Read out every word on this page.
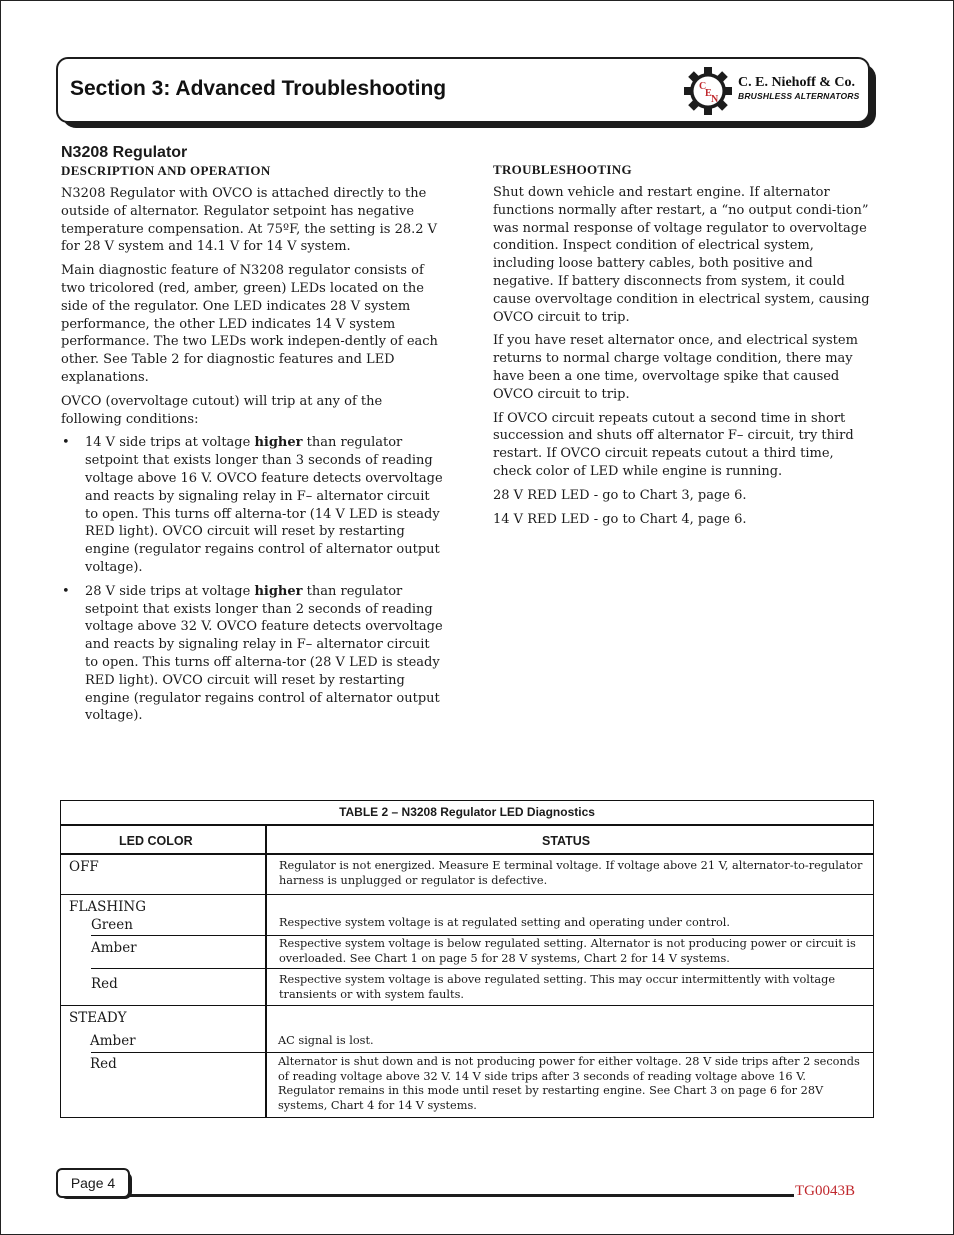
Section 3: Advanced Troubleshooting	C
E
N
C. E. Niehoff & Co.
BRUSHLESS ALTERNATORS
N3208 Regulator
DESCRIPTION AND OPERATION

N3208 Regulator with OVCO is attached directly to the outside of alternator. Regulator setpoint has negative temperature compensation. At 75ºF, the setting is 28.2 V for 28 V system and 14.1 V for 14 V system.

Main diagnostic feature of N3208 regulator consists of two tricolored (red, amber, green) LEDs located on the side of the regulator. One LED indicates 28 V system performance, the other LED indicates 14 V system performance. The two LEDs work indepen-dently of each other. See Table 2 for diagnostic features and LED explanations.

OVCO (overvoltage cutout) will trip at any of the following conditions:

• 14 V side trips at voltage higher than regulator setpoint that exists longer than 3 seconds of reading voltage above 16 V. OVCO feature detects overvoltage and reacts by signaling relay in F– alternator circuit to open. This turns off alterna-tor (14 V LED is steady RED light). OVCO circuit will reset by restarting engine (regulator regains control of alternator output voltage).
• 28 V side trips at voltage higher than regulator setpoint that exists longer than 2 seconds of reading voltage above 32 V. OVCO feature detects overvoltage and reacts by signaling relay in F– alternator circuit to open. This turns off alterna-tor (28 V LED is steady RED light). OVCO circuit will reset by restarting engine (regulator regains control of alternator output voltage).
TROUBLESHOOTING

Shut down vehicle and restart engine. If alternator functions normally after restart, a “no output condi-tion” was normal response of voltage regulator to overvoltage condition. Inspect condition of electrical system, including loose battery cables, both positive and negative. If battery disconnects from system, it could cause overvoltage condition in electrical system, causing OVCO circuit to trip.

If you have reset alternator once, and electrical system returns to normal charge voltage condition, there may have been a one time, overvoltage spike that caused OVCO circuit to trip.

If OVCO circuit repeats cutout a second time in short succession and shuts off alternator F– circuit, try third restart. If OVCO circuit repeats cutout a third time, check color of LED while engine is running.

28 V RED LED - go to Chart 3, page 6.

14 V RED LED - go to Chart 4, page 6.

TABLE 2 – N3208 Regulator LED Diagnostics
LED COLOR	STATUS
OFF	Regulator is not energized. Measure E terminal voltage. If voltage above 21 V, alternator-to-regulator harness is unplugged or regulator is defective.
FLASHING
Green	Respective system voltage is at regulated setting and operating under control.
Amber	Respective system voltage is below regulated setting. Alternator is not producing power or circuit is overloaded. See Chart 1 on page 5 for 28 V systems, Chart 2 for 14 V systems.
Red	Respective system voltage is above regulated setting. This may occur intermittently with voltage transients or with system faults.
STEADY
Amber	AC signal is lost.
Red	Alternator is shut down and is not producing power for either voltage. 28 V side trips after 2 seconds of reading voltage above 32 V. 14 V side trips after 3 seconds of reading voltage above 16 V. Regulator remains in this mode until reset by restarting engine. See Chart 3 on page 6 for 28V systems, Chart 4 for 14 V systems.
Page 4	TG0043B
